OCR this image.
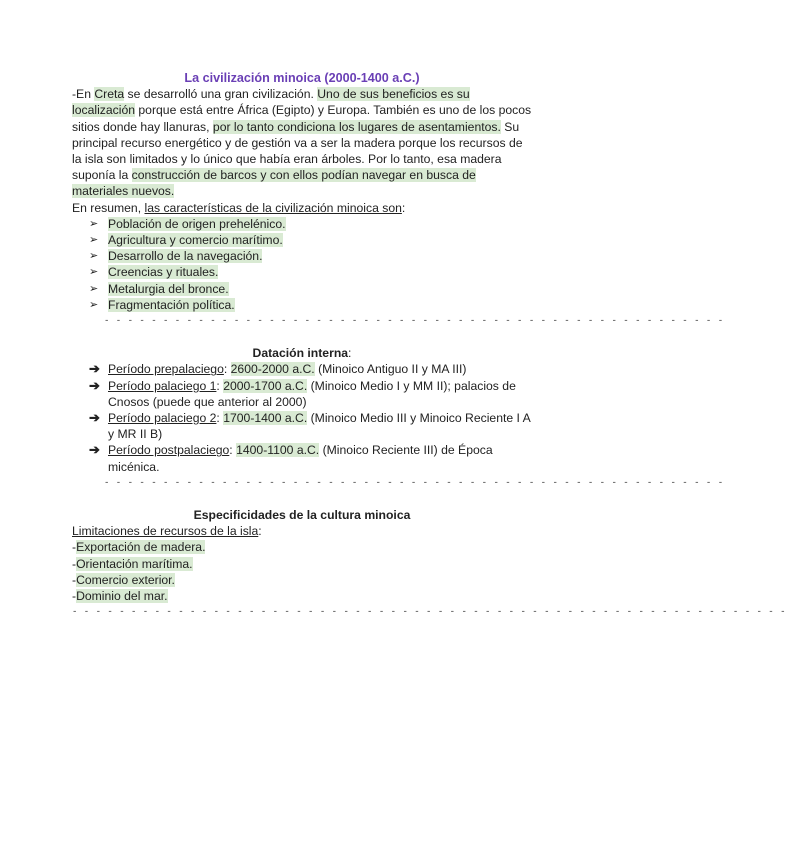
La civilización minoica (2000-1400 a.C.)

-En Creta se desarrolló una gran civilización. Uno de sus beneficios es su localización porque está entre África (Egipto) y Europa. También es uno de los pocos sitios donde hay llanuras, por lo tanto condiciona los lugares de asentamientos. Su principal recurso energético y de gestión va a ser la madera porque los recursos de la isla son limitados y lo único que había eran árboles. Por lo tanto, esa madera suponía la construcción de barcos y con ellos podían navegar en busca de materiales nuevos.

En resumen, las características de la civilización minoica son:

➢ Población de origen prehelénico.
➢ Agricultura y comercio marítimo.
➢ Desarrollo de la navegación.
➢ Creencias y rituales.
➢ Metalurgia del bronce.
➢ Fragmentación política.
- - - - - - - - - - - - - - - - - - - - - - - - - - - - - - - - - - - - - - - - - - - - - - - - - - - - -
Datación interna:
➔ Período prepalaciego: 2600-2000 a.C. (Minoico Antiguo II y MA III)
➔ Período palaciego 1: 2000-1700 a.C. (Minoico Medio I y MM II); palacios de Cnosos (puede que anterior al 2000)
➔ Período palaciego 2: 1700-1400 a.C. (Minoico Medio III y Minoico Reciente I A y MR II B)
➔ Período postpalaciego: 1400-1100 a.C. (Minoico Reciente III) de Época micénica.
- - - - - - - - - - - - - - - - - - - - - - - - - - - - - - - - - - - - - - - - - - - - - - - - - - - - -
Especificidades de la cultura minoica

Limitaciones de recursos de la isla:

-Exportación de madera.

-Orientación marítima.

-Comercio exterior.

-Dominio del mar.

- - - - - - - - - - - - - - - - - - - - - - - - - - - - - - - - - - - - - - - - - - - - - - - - - - - - - - - - - - - - -
